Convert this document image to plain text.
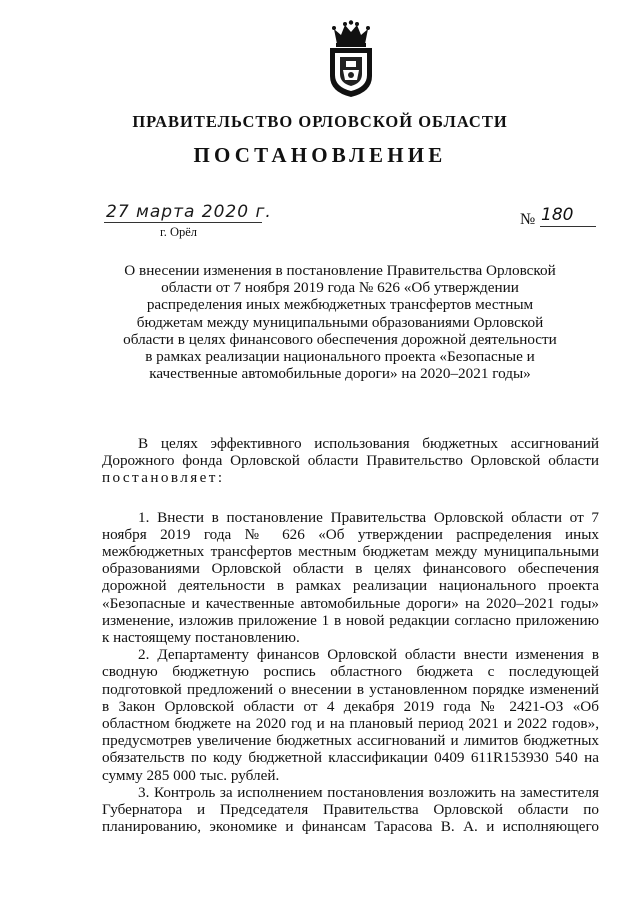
ПРАВИТЕЛЬСТВО ОРЛОВСКОЙ ОБЛАСТИ
ПОСТАНОВЛЕНИЕ
27 марта 2020 г.
г. Орёл
№ 180
О внесении изменения в постановление Правительства Орловской области от 7 ноября 2019 года № 626 «Об утверждении распределения иных межбюджетных трансфертов местным бюджетам между муниципальными образованиями Орловской области в целях финансового обеспечения дорожной деятельности в рамках реализации национального проекта «Безопасные и качественные автомобильные дороги» на 2020–2021 годы»

В целях эффективного использования бюджетных ассигнований Дорожного фонда Орловской области Правительство Орловской области

постановляет:

1. Внести в постановление Правительства Орловской области от 7 ноября 2019 года № 626 «Об утверждении распределения иных межбюджетных трансфертов местным бюджетам между муниципальными образованиями Орловской области в целях финансового обеспечения дорожной деятельности в рамках реализации национального проекта «Безопасные и качественные автомобильные дороги» на 2020–2021 годы» изменение, изложив приложение 1 в новой редакции согласно приложению к настоящему постановлению.

2. Департаменту финансов Орловской области внести изменения в сводную бюджетную роспись областного бюджета с последующей подготовкой предложений о внесении в установленном порядке изменений в Закон Орловской области от 4 декабря 2019 года № 2421-ОЗ «Об областном бюджете на 2020 год и на плановый период 2021 и 2022 годов», предусмотрев увеличение бюджетных ассигнований и лимитов бюджетных обязательств по коду бюджетной классификации 0409 611R153930 540 на сумму 285 000 тыс. рублей.

3. Контроль за исполнением постановления возложить на заместителя Губернатора и Председателя Правительства Орловской области по планированию, экономике и финансам Тарасова В. А. и исполняющего
